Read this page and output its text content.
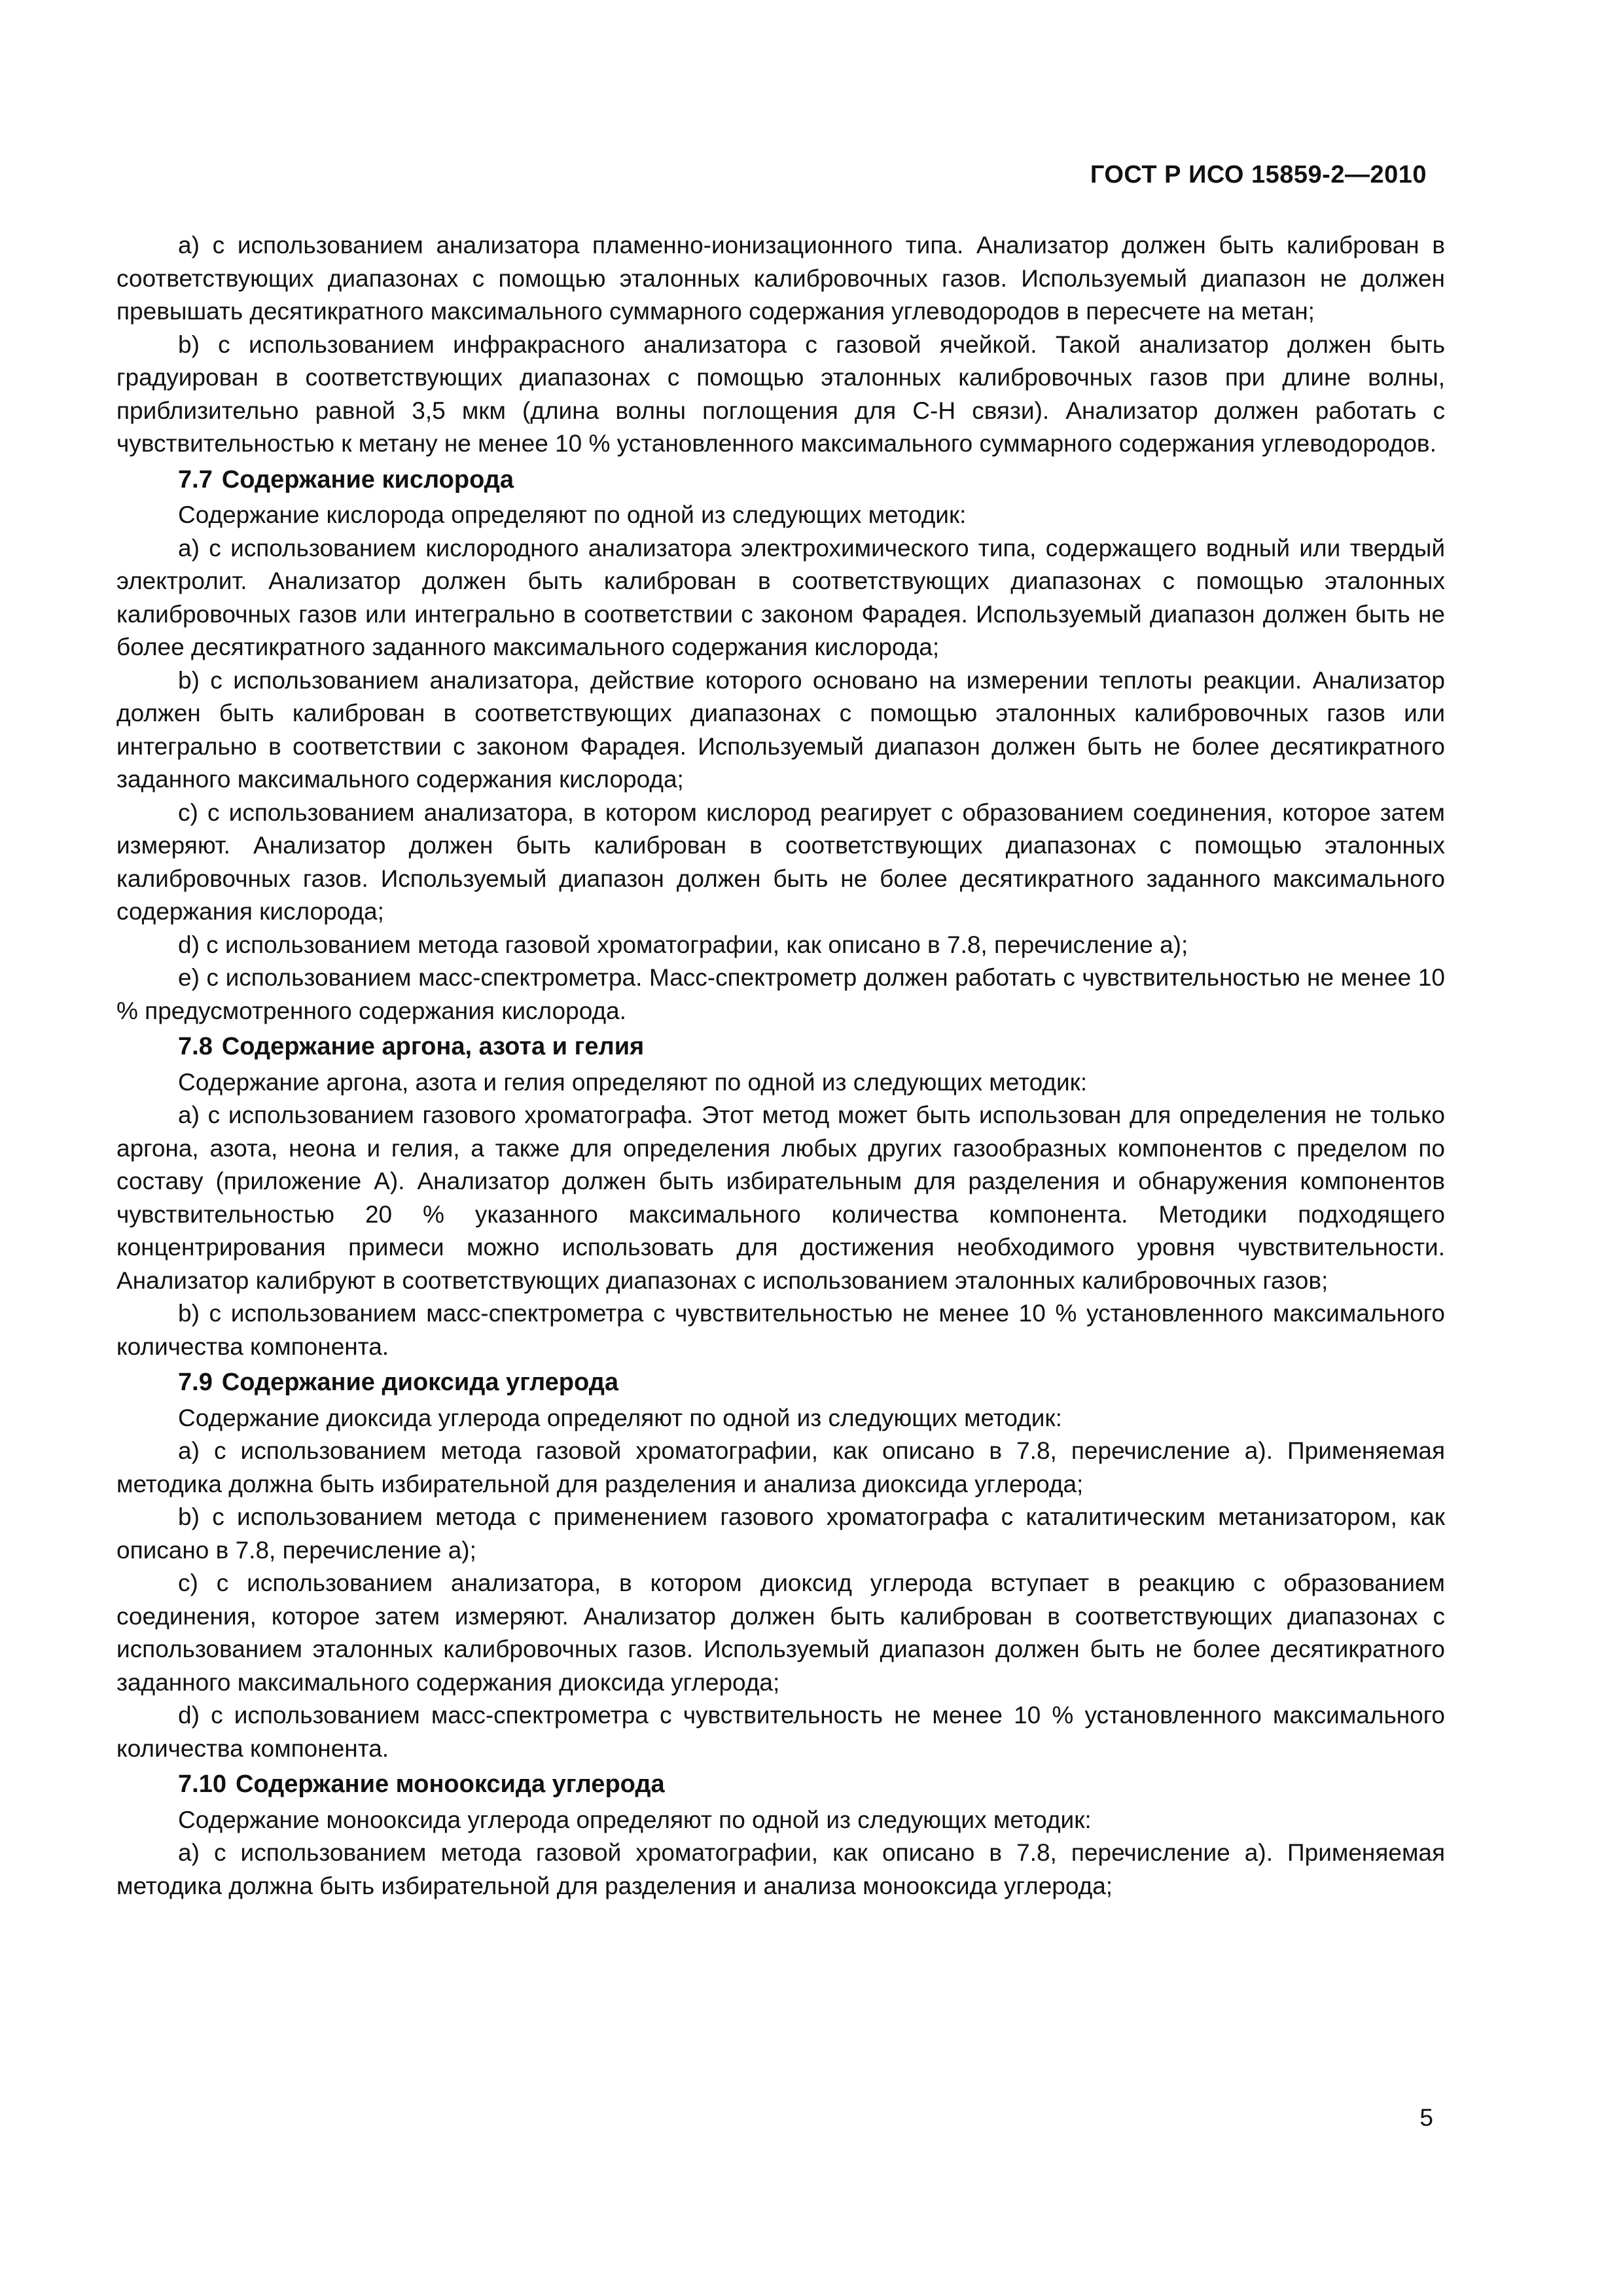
ГОСТ Р ИСО 15859-2—2010

а) с использованием анализатора пламенно-ионизационного типа. Анализатор должен быть калиброван в соответствующих диапазонах с помощью эталонных калибровочных газов. Используемый диапазон не должен превышать десятикратного максимального суммарного содержания углеводородов в пересчете на метан;

b) с использованием инфракрасного анализатора с газовой ячейкой. Такой анализатор должен быть градуирован в соответствующих диапазонах с помощью эталонных калибровочных газов при длине волны, приблизительно равной 3,5 мкм (длина волны поглощения для C-H связи). Анализатор должен работать с чувствительностью к метану не менее 10 % установленного максимального суммарного содержания углеводородов.

7.7 Содержание кислорода

Содержание кислорода определяют по одной из следующих методик:

а) с использованием кислородного анализатора электрохимического типа, содержащего водный или твердый электролит. Анализатор должен быть калиброван в соответствующих диапазонах с помощью эталонных калибровочных газов или интегрально в соответствии с законом Фарадея. Используемый диапазон должен быть не более десятикратного заданного максимального содержания кислорода;

b) с использованием анализатора, действие которого основано на измерении теплоты реакции. Анализатор должен быть калиброван в соответствующих диапазонах с помощью эталонных калибровочных газов или интегрально в соответствии с законом Фарадея. Используемый диапазон должен быть не более десятикратного заданного максимального содержания кислорода;

c) с использованием анализатора, в котором кислород реагирует с образованием соединения, которое затем измеряют. Анализатор должен быть калиброван в соответствующих диапазонах с помощью эталонных калибровочных газов. Используемый диапазон должен быть не более десятикратного заданного максимального содержания кислорода;

d) с использованием метода газовой хроматографии, как описано в 7.8, перечисление а);

e) с использованием масс-спектрометра. Масс-спектрометр должен работать с чувствительностью не менее 10 % предусмотренного содержания кислорода.

7.8 Содержание аргона, азота и гелия

Содержание аргона, азота и гелия определяют по одной из следующих методик:

а) с использованием газового хроматографа. Этот метод может быть использован для определения не только аргона, азота, неона и гелия, а также для определения любых других газообразных компонентов с пределом по составу (приложение А). Анализатор должен быть избирательным для разделения и обнаружения компонентов чувствительностью 20 % указанного максимального количества компонента. Методики подходящего концентрирования примеси можно использовать для достижения необходимого уровня чувствительности. Анализатор калибруют в соответствующих диапазонах с использованием эталонных калибровочных газов;

b) с использованием масс-спектрометра с чувствительностью не менее 10 % установленного максимального количества компонента.

7.9 Содержание диоксида углерода

Содержание диоксида углерода определяют по одной из следующих методик:

а) с использованием метода газовой хроматографии, как описано в 7.8, перечисление а). Применяемая методика должна быть избирательной для разделения и анализа диоксида углерода;

b) с использованием метода с применением газового хроматографа с каталитическим метанизатором, как описано в 7.8, перечисление а);

c) с использованием анализатора, в котором диоксид углерода вступает в реакцию с образованием соединения, которое затем измеряют. Анализатор должен быть калиброван в соответствующих диапазонах с использованием эталонных калибровочных газов. Используемый диапазон должен быть не более десятикратного заданного максимального содержания диоксида углерода;

d) с использованием масс-спектрометра с чувствительность не менее 10 % установленного максимального количества компонента.

7.10 Содержание монооксида углерода

Содержание монооксида углерода определяют по одной из следующих методик:

а) с использованием метода газовой хроматографии, как описано в 7.8, перечисление а). Применяемая методика должна быть избирательной для разделения и анализа монооксида углерода;

5
